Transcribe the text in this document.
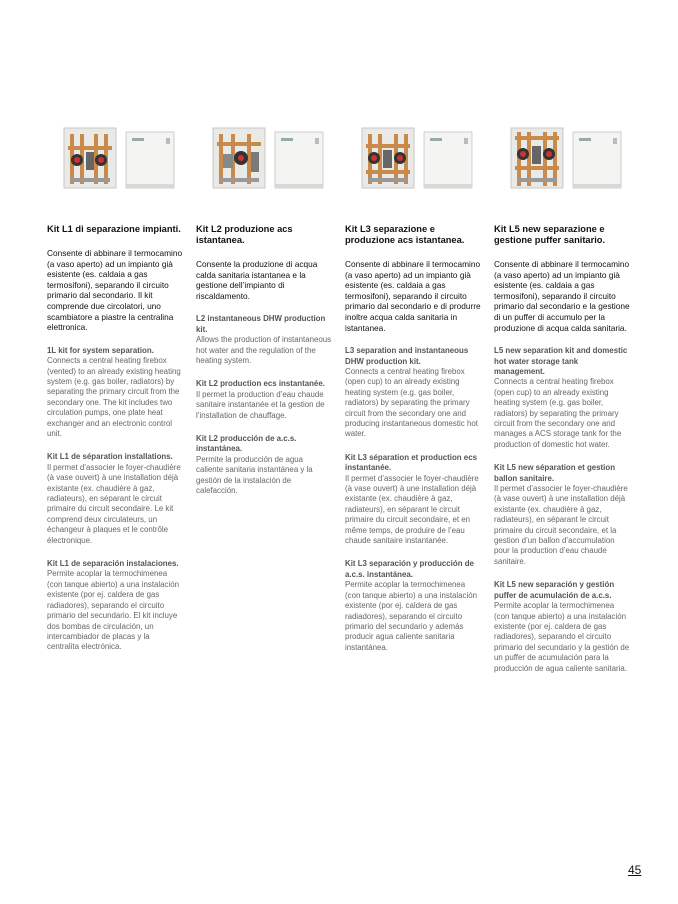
Kit L1 di separazione impianti.

Consente di abbinare il termocamino (a vaso aperto) ad un impianto già esistente (es. caldaia a gas termosifoni), separando il circuito primario dal secondario. Il kit comprende due circolatori, uno scambiatore a piastre la centralina elettronica.

1L kit for system separation.
Connects a central heating firebox (vented) to an already existing heating system (e.g. gas boiler, radiators) by separating the primary circuit from the secondary one. The kit includes two circulation pumps, one plate heat exchanger and an electronic control unit.
Kit L1 de séparation installations.
Il permet d’associer le foyer-chaudière (à vase ouvert) à une installation déjà existante (ex. chaudière à gaz, radiateurs), en séparant le circuit primaire du circuit secondaire. Le kit comprend deux circulateurs, un échangeur à plaques et le contrôle électronique.
Kit L1 de separación instalaciones.
Permite acoplar la termochimenea (con tanque abierto) a una instalación existente (por ej. caldera de gas radiadores), separando el circuito primario del secundario. El kit incluye dos bombas de circulación, un intercambiador de placas y la centralita electrónica.

Kit L2 produzione acs istantanea.

Consente la produzione di acqua calda sanitaria istantanea e la gestione dell’impianto di riscaldamento.

L2 instantaneous DHW production kit.
Allows the production of instantaneous hot water and the regulation of the heating system.
Kit L2 production ecs instantanée.
Il permet la production d’eau chaude sanitaire instantanée et la gestion de l’installation de chauffage.
Kit L2 producción de a.c.s. instantánea.
Permite la producción de agua caliente sanitaria instantánea y la gestión de la instalación de calefacción.

Kit L3 separazione e produzione acs istantanea.

Consente di abbinare il termocamino (a vaso aperto) ad un impianto già esistente (es. caldaia a gas termosifoni), separando il circuito primario dal secondario e di produrre inoltre acqua calda sanitaria in istantanea.

L3 separation and instantaneous DHW production kit.
Connects a central heating firebox (open cup) to an already existing heating system (e.g. gas boiler, radiators) by separating the primary circuit from the secondary one and producing instantaneous domestic hot water.
Kit L3 séparation et production ecs instantanée.
Il permet d’associer le foyer-chaudière (à vase ouvert) à une installation déjà existante (ex. chaudière à gaz, radiateurs), en séparant le circuit primaire du circuit secondaire, et en même temps, de produire de l’eau chaude sanitaire instantanée.
Kit L3 separación y producción de a.c.s. instantánea.
Permite acoplar la termochimenea (con tanque abierto) a una instalación existente (por ej. caldera de gas radiadores), separando el circuito primario del secundario y además producir agua caliente sanitaria instantánea.

Kit L5 new separazione e gestione puffer sanitario.

Consente di abbinare il termocamino (a vaso aperto) ad un impianto già esistente (es. caldaia a gas termosifoni), separando il circuito primario dal secondario e la gestione di un puffer di accumulo per la produzione di acqua calda sanitaria.

L5 new separation kit and domestic hot water storage tank management.
Connects a central heating firebox (open cup) to an already existing heating system (e.g. gas boiler, radiators) by separating the primary circuit from the secondary one and manages a ACS storage tank for the production of domestic hot water.
Kit L5 new séparation et gestion ballon sanitaire.
Il permet d’associer le foyer-chaudière (à vase ouvert) à une installation déjà existante (ex. chaudière à gaz, radiateurs), en séparant le circuit primaire du circuit secondaire, et la gestion d’un ballon d’accumulation pour la production d’eau chaude sanitaire.
Kit L5 new separación y gestión puffer de acumulación de a.c.s.
Permite acoplar la termochimenea (con tanque abierto) a una instalación existente (por ej. caldera de gas radiadores), separando el circuito primario del secundario y la gestión de un puffer de acumulación para la producción de agua caliente sanitaria.
45
